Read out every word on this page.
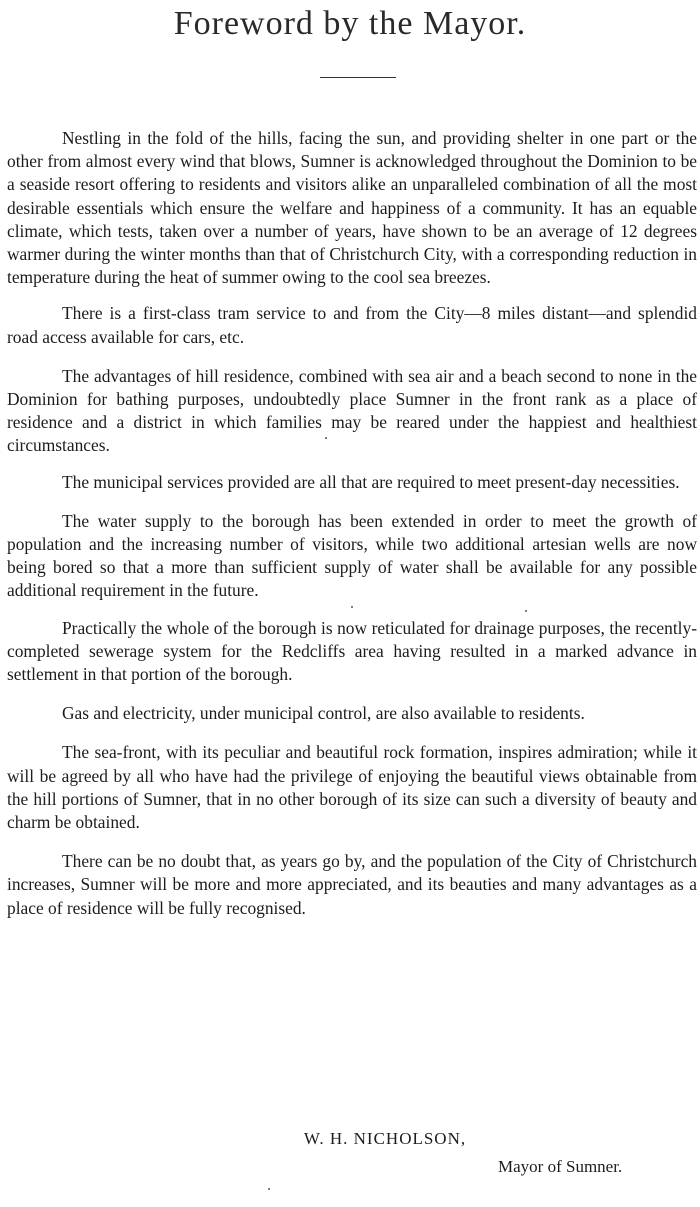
Foreword by the Mayor.

Nestling in the fold of the hills, facing the sun, and providing shelter in one part or the other from almost every wind that blows, Sumner is acknowledged throughout the Dominion to be a seaside resort offering to residents and visitors alike an unparalleled combination of all the most desirable essentials which ensure the welfare and happiness of a community. It has an equable climate, which tests, taken over a number of years, have shown to be an average of 12 degrees warmer during the winter months than that of Christchurch City, with a corresponding reduction in temperature during the heat of summer owing to the cool sea breezes.

There is a first-class tram service to and from the City—8 miles distant—and splendid road access available for cars, etc.

The advantages of hill residence, combined with sea air and a beach second to none in the Dominion for bathing purposes, undoubtedly place Sumner in the front rank as a place of residence and a district in which families may be reared under the happiest and healthiest circumstances.

The municipal services provided are all that are required to meet present-day necessities.

The water supply to the borough has been extended in order to meet the growth of population and the increasing number of visitors, while two additional artesian wells are now being bored so that a more than sufficient supply of water shall be available for any possible additional requirement in the future.

Practically the whole of the borough is now reticulated for drainage purposes, the recently-completed sewerage system for the Redcliffs area having resulted in a marked advance in settlement in that portion of the borough.

Gas and electricity, under municipal control, are also available to residents.

The sea-front, with its peculiar and beautiful rock formation, inspires admiration; while it will be agreed by all who have had the privilege of enjoying the beautiful views obtainable from the hill portions of Sumner, that in no other borough of its size can such a diversity of beauty and charm be obtained.

There can be no doubt that, as years go by, and the population of the City of Christchurch increases, Sumner will be more and more appreciated, and its beauties and many advantages as a place of residence will be fully recognised.

W. H. NICHOLSON,

Mayor of Sumner.
